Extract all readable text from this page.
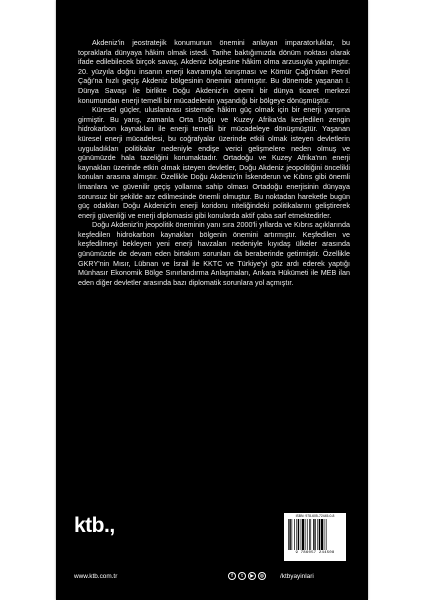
Akdeniz'in jeostratejik konumunun önemini anlayan imparatorluklar, bu topraklarla dünyaya hâkim olmak istedi. Tarihe baktığımızda dönüm noktası olarak ifade edilebilecek birçok savaş, Akdeniz bölgesine hâkim olma arzusuyla yapılmıştır. 20. yüzyıla doğru insanın enerji kavramıyla tanışması ve Kömür Çağı'ndan Petrol Çağı'na hızlı geçiş Akdeniz bölgesinin önemini artırmıştır. Bu dönemde yaşanan I. Dünya Savaşı ile birlikte Doğu Akdeniz'in önemi bir dünya ticaret merkezi konumundan enerji temelli bir mücadelenin yaşandığı bir bölgeye dönüşmüştür.

Küresel güçler, uluslararası sistemde hâkim güç olmak için bir enerji yarışına girmiştir. Bu yarış, zamanla Orta Doğu ve Kuzey Afrika'da keşfedilen zengin hidrokarbon kaynakları ile enerji temelli bir mücadeleye dönüşmüştür. Yaşanan küresel enerji mücadelesi, bu coğrafyalar üzerinde etkili olmak isteyen devletlerin uyguladıkları politikalar nedeniyle endişe verici gelişmelere neden olmuş ve günümüzde hala tazeliğini korumaktadır. Ortadoğu ve Kuzey Afrika'nın enerji kaynakları üzerinde etkin olmak isteyen devletler, Doğu Akdeniz jeopolitiğini öncelikli konuları arasına almıştır. Özellikle Doğu Akdeniz'in İskenderun ve Kıbrıs gibi önemli limanlara ve güvenilir geçiş yollarına sahip olması Ortadoğu enerjisinin dünyaya sorunsuz bir şekilde arz edilmesinde önemli olmuştur. Bu noktadan hareketle bugün güç odakları Doğu Akdeniz'in enerji koridoru niteliğindeki politikalarını geliştirerek enerji güvenliği ve enerji diplomasisi gibi konularda aktif çaba sarf etmektedirler.

Doğu Akdeniz'in jeopolitik öneminin yanı sıra 2000'li yıllarda ve Kıbrıs açıklarında keşfedilen hidrokarbon kaynakları bölgenin önemini artırmıştır. Keşfedilen ve keşfedilmeyi bekleyen yeni enerji havzaları nedeniyle kıyıdaş ülkeler arasında günümüzde de devam eden birtakım sorunları da beraberinde getirmiştir. Özellikle GKRY'nin Mısır, Lübnan ve İsrail ile KKTC ve Türkiye'yi göz ardı ederek yaptığı Münhasır Ekonomik Bölge Sınırlandırma Anlaşmaları, Ankara Hükümeti ile MEB ilan eden diğer devletler arasında bazı diplomatik sorunlara yol açmıştır.

ktb.,	ISBN: 978-605-72445-0-8
9 786057 244508
www.ktb.com.tr	f	t	▶	◎	/ktbyayinlari
